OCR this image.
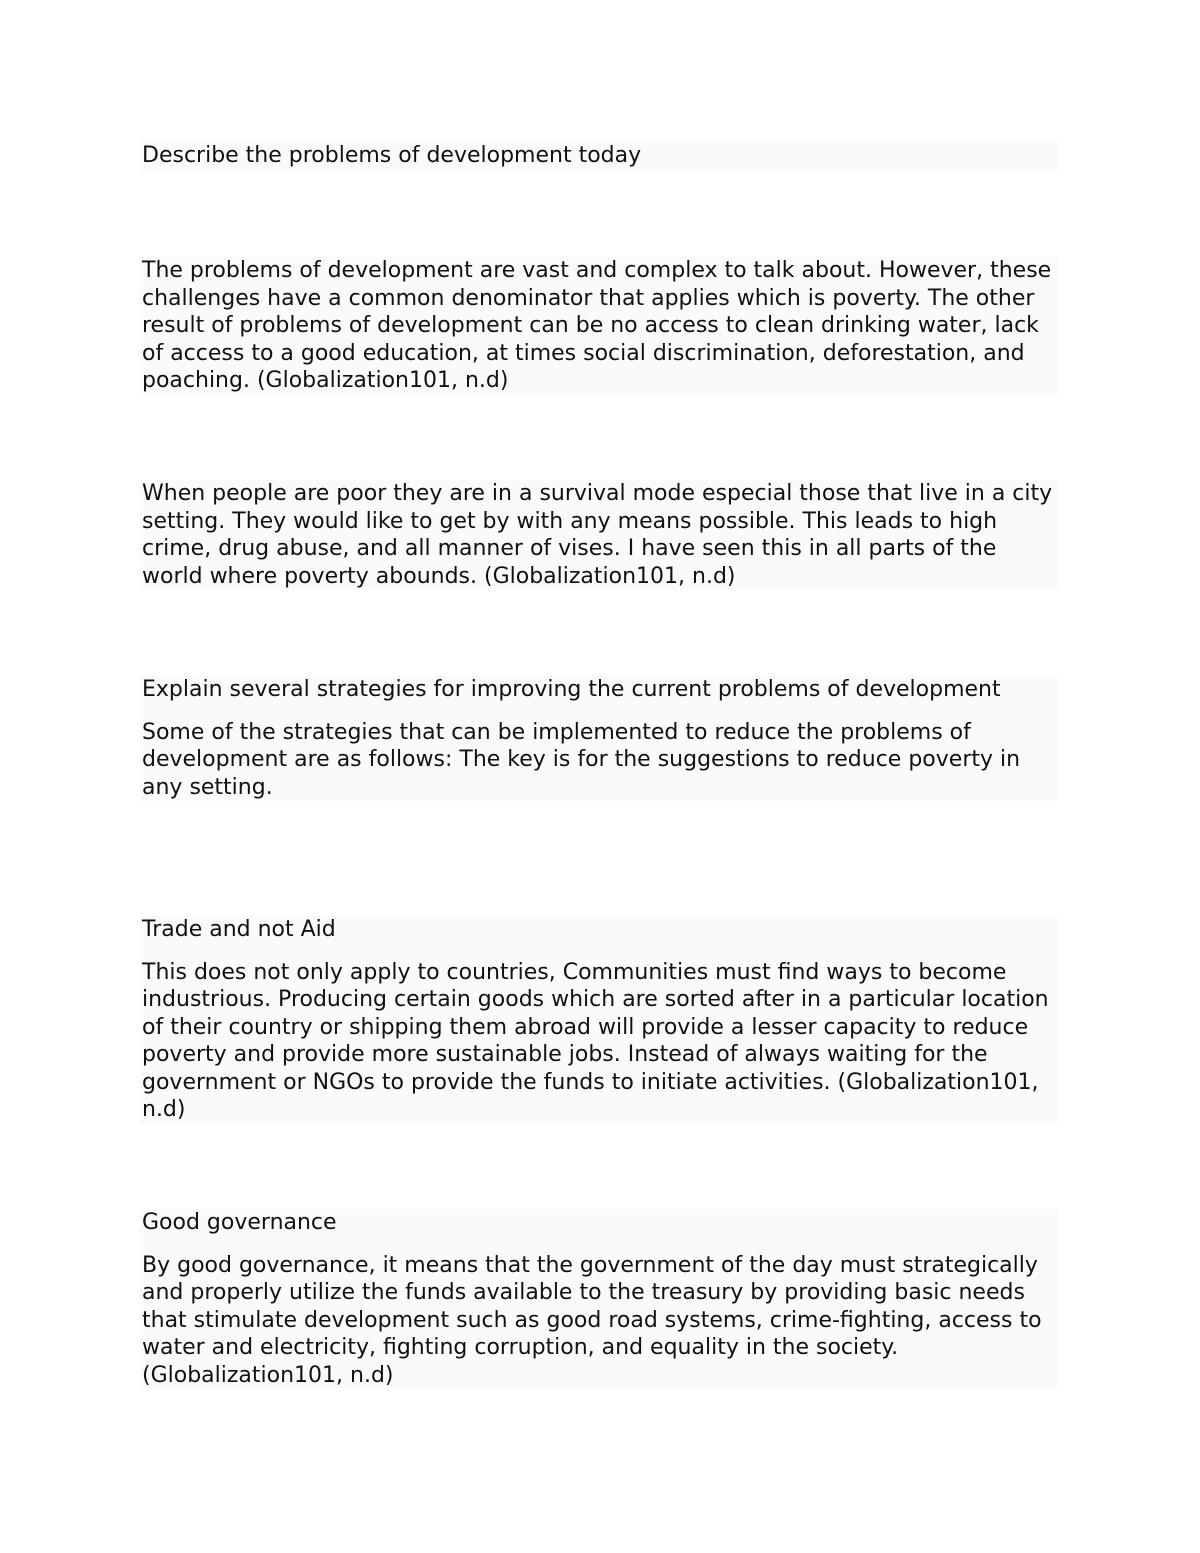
Describe the problems of development today

The problems of development are vast and complex to talk about. However, these challenges have a common denominator that applies which is poverty. The other result of problems of development can be no access to clean drinking water, lack of access to a good education, at times social discrimination, deforestation, and poaching. (Globalization101, n.d)

When people are poor they are in a survival mode especial those that live in a city setting. They would like to get by with any means possible. This leads to high crime, drug abuse, and all manner of vises. I have seen this in all parts of the world where poverty abounds. (Globalization101, n.d)

Explain several strategies for improving the current problems of development

Some of the strategies that can be implemented to reduce the problems of development are as follows: The key is for the suggestions to reduce poverty in any setting.

Trade and not Aid

This does not only apply to countries, Communities must find ways to become industrious. Producing certain goods which are sorted after in a particular location of their country or shipping them abroad will provide a lesser capacity to reduce poverty and provide more sustainable jobs. Instead of always waiting for the government or NGOs to provide the funds to initiate activities. (Globalization101, n.d)

Good governance

By good governance, it means that the government of the day must strategically and properly utilize the funds available to the treasury by providing basic needs that stimulate development such as good road systems, crime-fighting, access to water and electricity, fighting corruption, and equality in the society. (Globalization101, n.d)
